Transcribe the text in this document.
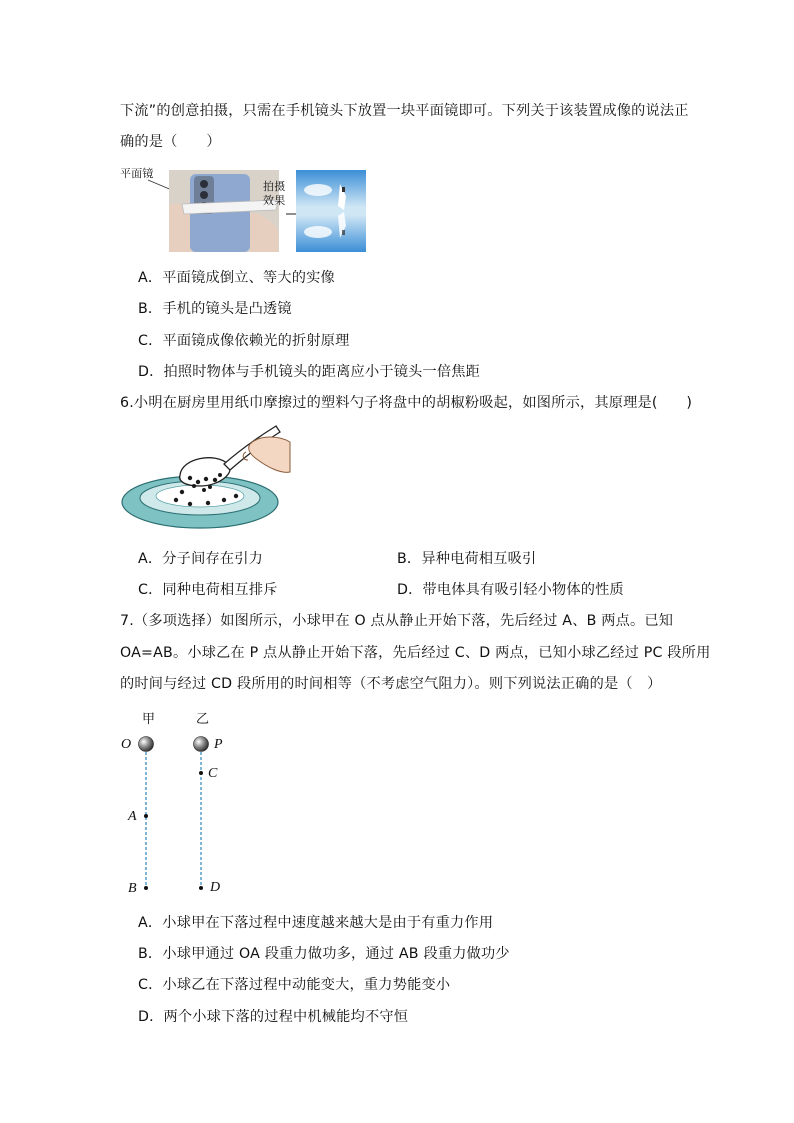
下流”的创意拍摄，只需在手机镜头下放置一块平面镜即可。下列关于该装置成像的说法正
确的是（　　）
平面镜
拍摄
效果
A．平面镜成倒立、等大的实像
B．手机的镜头是凸透镜
C．平面镜成像依赖光的折射原理
D．拍照时物体与手机镜头的距离应小于镜头一倍焦距
6.小明在厨房里用纸巾摩擦过的塑料勺子将盘中的胡椒粉吸起，如图所示，其原理是(　　)
A．分子间存在引力	B．异种电荷相互吸引
C．同种电荷相互排斥	D．带电体具有吸引轻小物体的性质
7.（多项选择）如图所示，小球甲在 O 点从静止开始下落，先后经过 A、B 两点。已知
OA=AB。小球乙在 P 点从静止开始下落，先后经过 C、D 两点，已知小球乙经过 PC 段所用
的时间与经过 CD 段所用的时间相等（不考虑空气阻力）。则下列说法正确的是（　）
甲	乙
O
A
B
P
C
D
A．小球甲在下落过程中速度越来越大是由于有重力作用
B．小球甲通过 OA 段重力做功多，通过 AB 段重力做功少
C．小球乙在下落过程中动能变大，重力势能变小
D．两个小球下落的过程中机械能均不守恒
